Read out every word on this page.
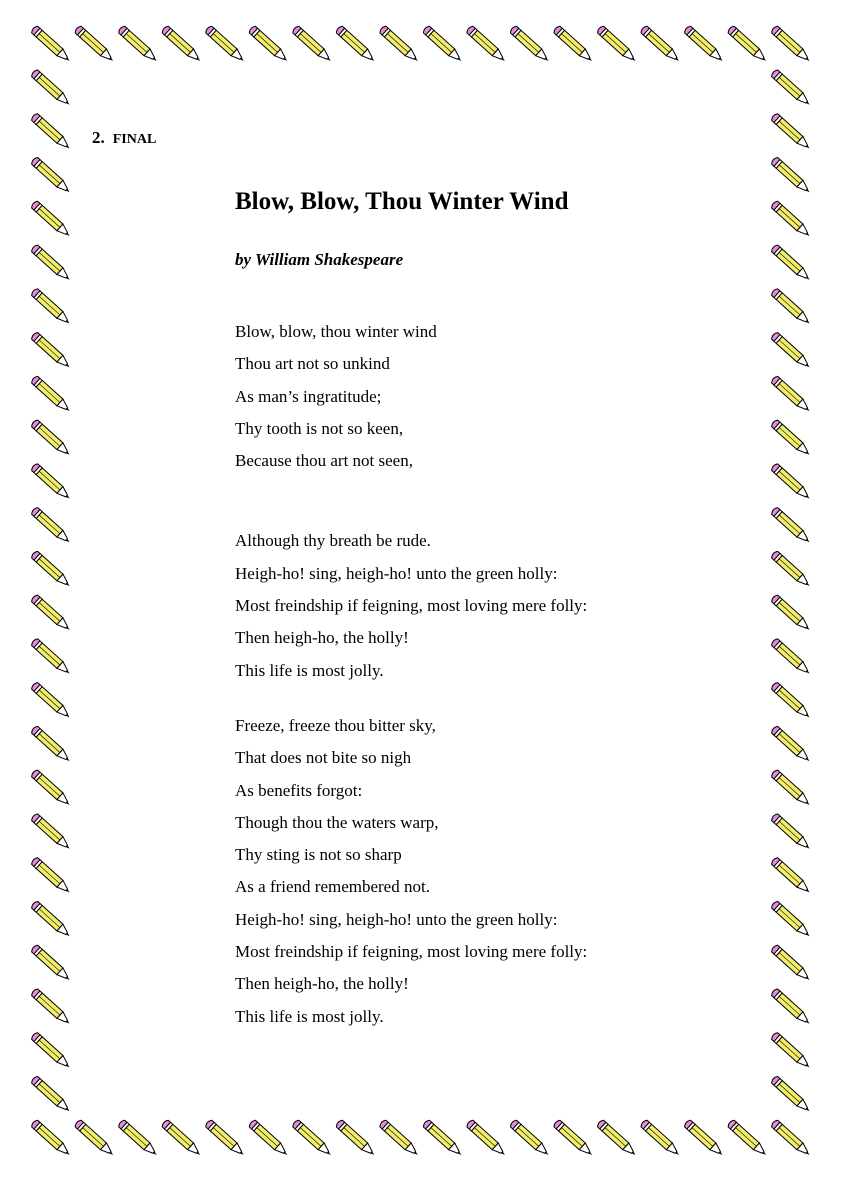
2. FINAL
Blow, Blow, Thou Winter Wind
by William Shakespeare
Blow, blow, thou winter wind
Thou art not so unkind
As man’s ingratitude;
Thy tooth is not so keen,
Because thou art not seen,
Although thy breath be rude.
Heigh-ho! sing, heigh-ho! unto the green holly:
Most freindship if feigning, most loving mere folly:
Then heigh-ho, the holly!
This life is most jolly.
Freeze, freeze thou bitter sky,
That does not bite so nigh
As benefits forgot:
Though thou the waters warp,
Thy sting is not so sharp
As a friend remembered not.
Heigh-ho! sing, heigh-ho! unto the green holly:
Most freindship if feigning, most loving mere folly:
Then heigh-ho, the holly!
This life is most jolly.
